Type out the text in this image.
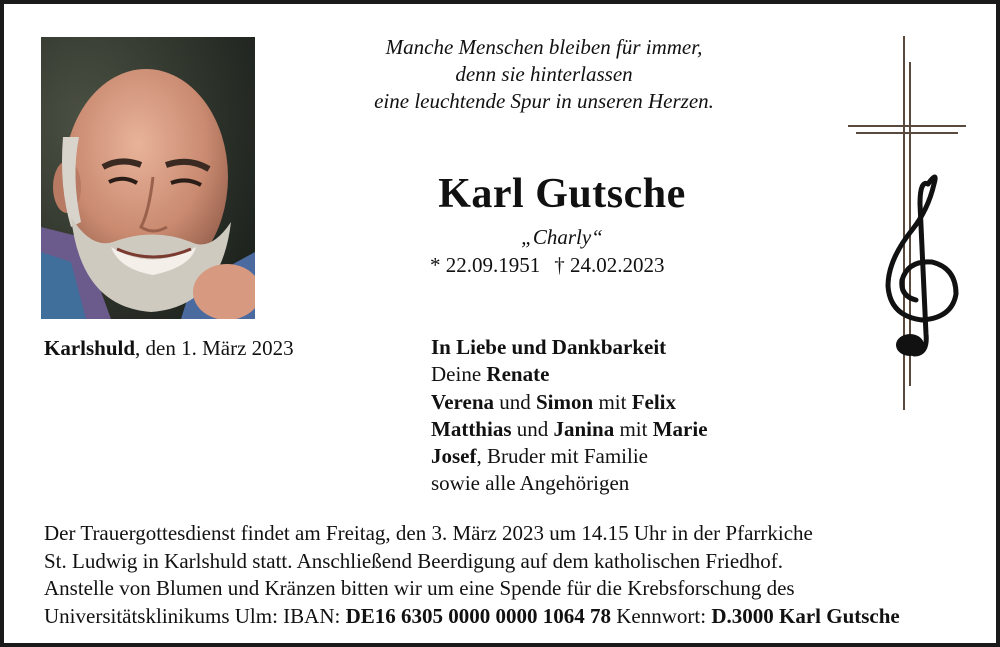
Manche Menschen bleiben für immer,
denn sie hinterlassen
eine leuchtende Spur in unseren Herzen.
Karl Gutsche
„Charly“
* 22.09.1951 † 24.02.2023
Karlshuld, den 1. März 2023	In Liebe und Dankbarkeit
Deine Renate
Verena und Simon mit Felix
Matthias und Janina mit Marie
Josef, Bruder mit Familie
sowie alle Angehörigen
Der Trauergottesdienst findet am Freitag, den 3. März 2023 um 14.15 Uhr in der Pfarrkiche
St. Ludwig in Karlshuld statt. Anschließend Beerdigung auf dem katholischen Friedhof.
Anstelle von Blumen und Kränzen bitten wir um eine Spende für die Krebsforschung des
Universitätsklinikums Ulm: IBAN: DE16 6305 0000 0000 1064 78 Kennwort: D.3000 Karl Gutsche
